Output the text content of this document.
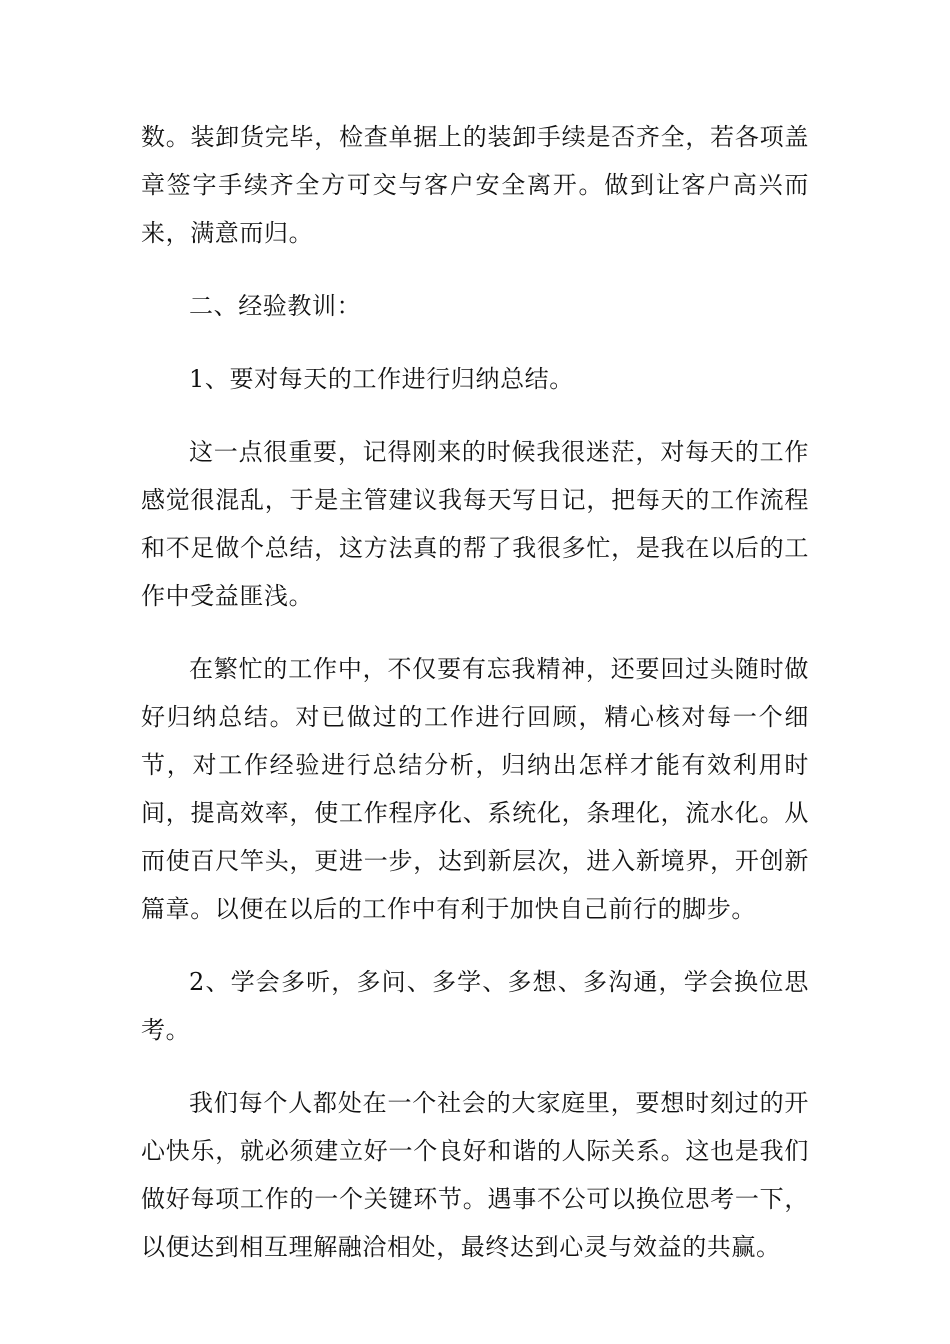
数。装卸货完毕，检查单据上的装卸手续是否齐全，若各项盖章签字手续齐全方可交与客户安全离开。做到让客户高兴而来，满意而归。

二、经验教训：

1、要对每天的工作进行归纳总结。

这一点很重要，记得刚来的时候我很迷茫，对每天的工作感觉很混乱，于是主管建议我每天写日记，把每天的工作流程和不足做个总结，这方法真的帮了我很多忙，是我在以后的工作中受益匪浅。

在繁忙的工作中，不仅要有忘我精神，还要回过头随时做好归纳总结。对已做过的工作进行回顾，精心核对每一个细节，对工作经验进行总结分析，归纳出怎样才能有效利用时间，提高效率，使工作程序化、系统化，条理化，流水化。从而使百尺竿头，更进一步，达到新层次，进入新境界，开创新篇章。以便在以后的工作中有利于加快自己前行的脚步。

2、学会多听，多问、多学、多想、多沟通，学会换位思考。

我们每个人都处在一个社会的大家庭里，要想时刻过的开心快乐，就必须建立好一个良好和谐的人际关系。这也是我们做好每项工作的一个关键环节。遇事不公可以换位思考一下，以便达到相互理解融洽相处，最终达到心灵与效益的共赢。
